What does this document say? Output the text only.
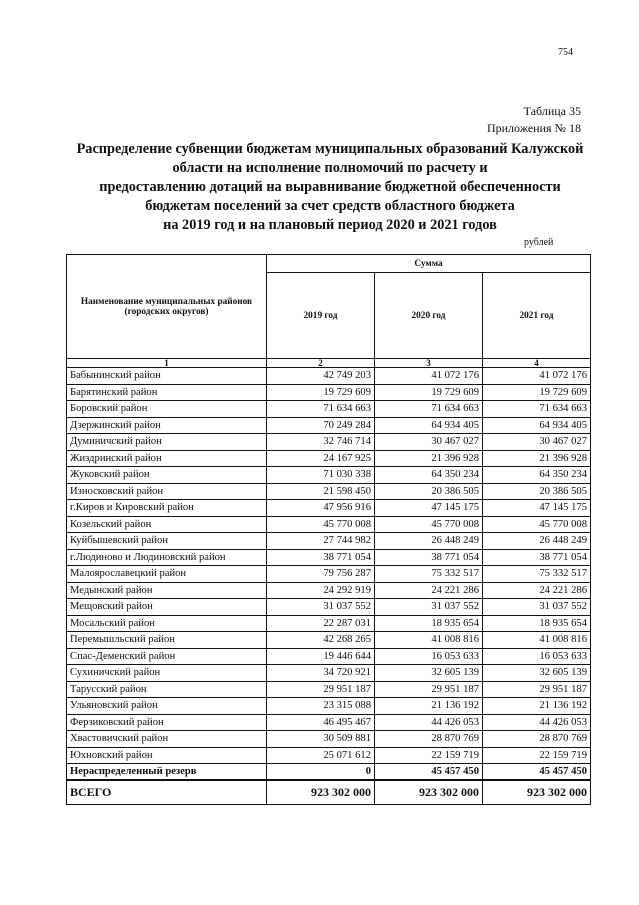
754
Таблица 35
Приложения № 18
Распределение субвенции бюджетам муниципальных образований Калужской
области на исполнение полномочий по расчету и
предоставлению дотаций на выравнивание бюджетной обеспеченности
бюджетам поселений за счет средств областного бюджета
на 2019 год и на плановый период 2020 и 2021 годов
рублей
Наименование муниципальных районов (городских округов)	Сумма		
	2019 год	2020 год	2021 год
1	2	3	4
Бабынинский район	42 749 203	41 072 176	41 072 176
Барятинский район	19 729 609	19 729 609	19 729 609
Боровский район	71 634 663	71 634 663	71 634 663
Дзержинский район	70 249 284	64 934 405	64 934 405
Думиничский район	32 746 714	30 467 027	30 467 027
Жиздринский район	24 167 925	21 396 928	21 396 928
Жуковский район	71 030 338	64 350 234	64 350 234
Износковский район	21 598 450	20 386 505	20 386 505
г.Киров и Кировский район	47 956 916	47 145 175	47 145 175
Козельский район	45 770 008	45 770 008	45 770 008
Куйбышевский район	27 744 982	26 448 249	26 448 249
г.Людиново и Людиновский район	38 771 054	38 771 054	38 771 054
Малоярославецкий район	79 756 287	75 332 517	75 332 517
Медынский район	24 292 919	24 221 286	24 221 286
Мещовский район	31 037 552	31 037 552	31 037 552
Мосальский район	22 287 031	18 935 654	18 935 654
Перемышльский район	42 268 265	41 008 816	41 008 816
Спас-Деменский район	19 446 644	16 053 633	16 053 633
Сухиничский район	34 720 921	32 605 139	32 605 139
Тарусский район	29 951 187	29 951 187	29 951 187
Ульяновский район	23 315 088	21 136 192	21 136 192
Ферзиковский район	46 495 467	44 426 053	44 426 053
Хвастовичский район	30 509 881	28 870 769	28 870 769
Юхновский район	25 071 612	22 159 719	22 159 719
Нераспределенный резерв	0	45 457 450	45 457 450
ВСЕГО	923 302 000	923 302 000	923 302 000
